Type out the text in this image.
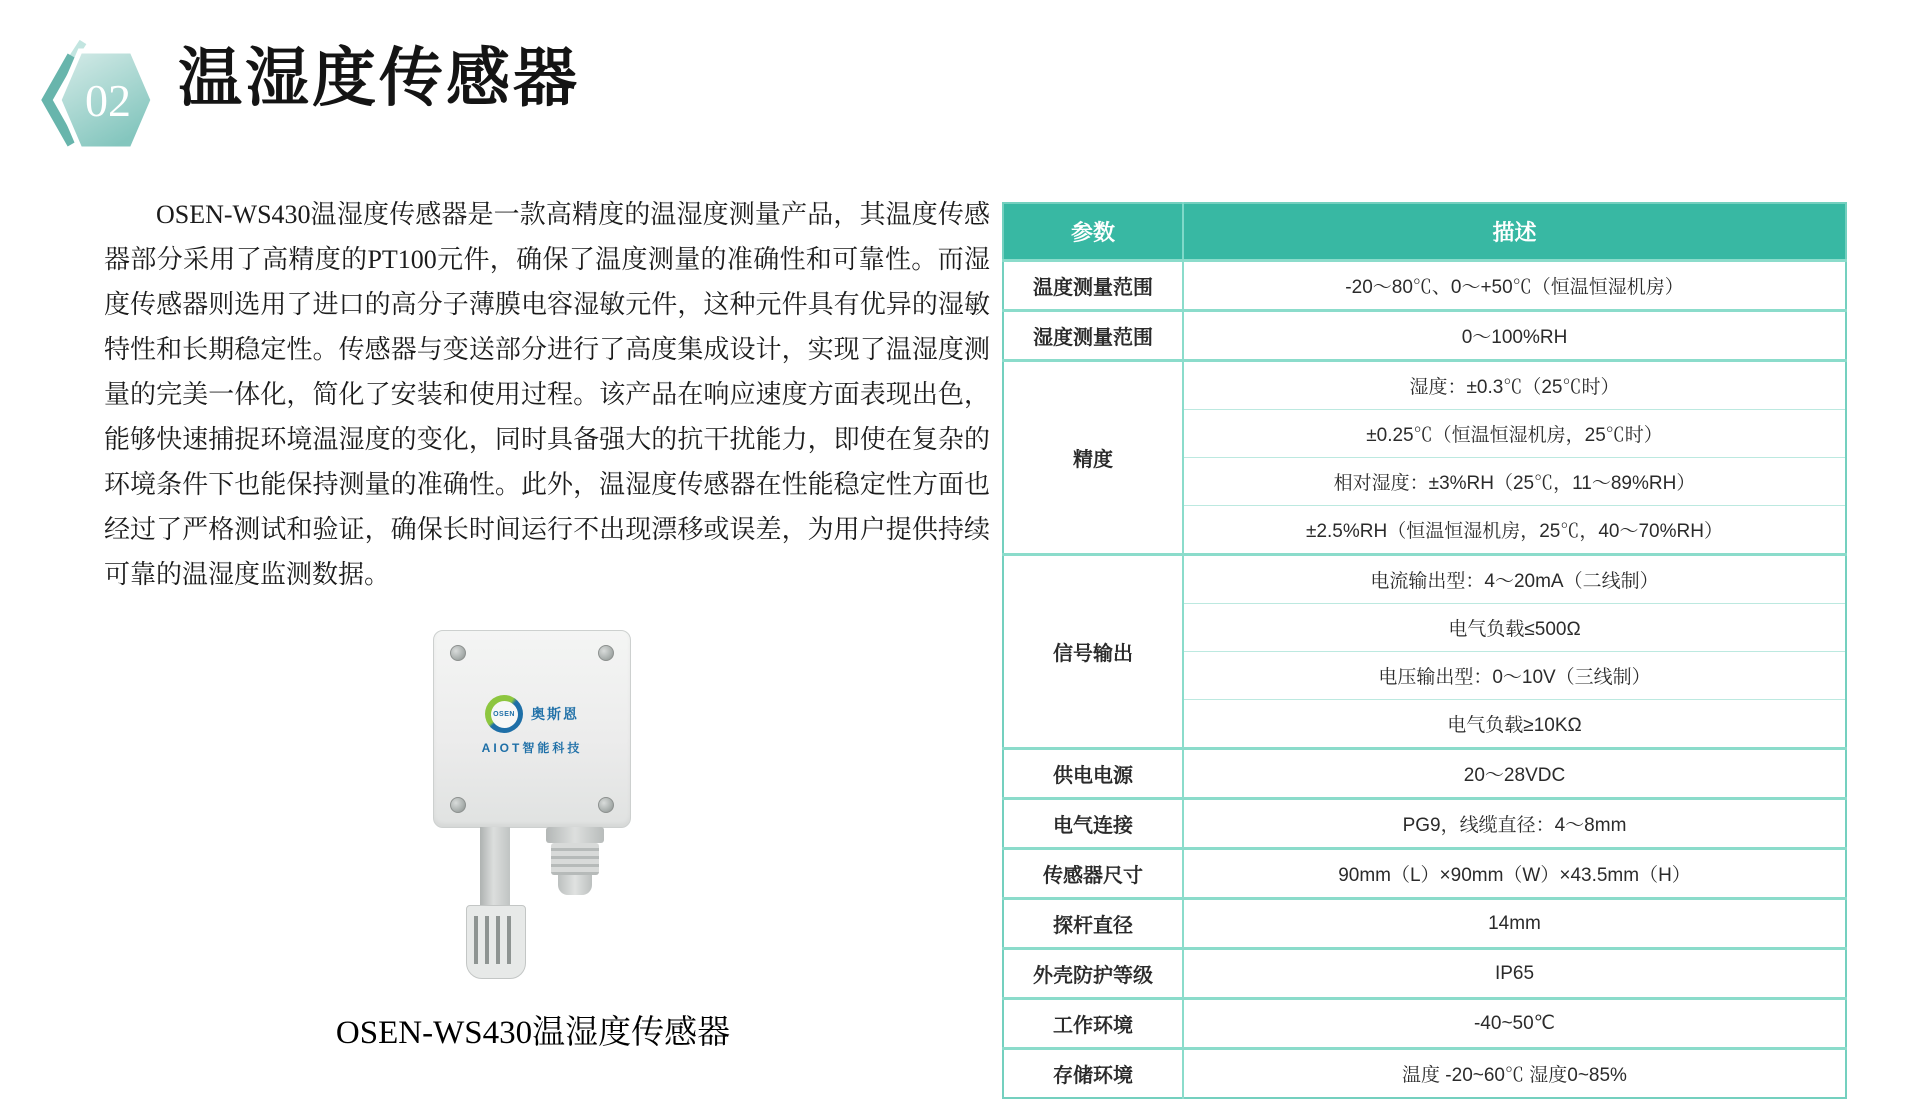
02 温湿度传感器
OSEN-WS430温湿度传感器是一款高精度的温湿度测量产品，其温度传感器部分采用了高精度的PT100元件，确保了温度测量的准确性和可靠性。而湿度传感器则选用了进口的高分子薄膜电容湿敏元件，这种元件具有优异的湿敏特性和长期稳定性。传感器与变送部分进行了高度集成设计，实现了温湿度测量的完美一体化，简化了安装和使用过程。该产品在响应速度方面表现出色，能够快速捕捉环境温湿度的变化，同时具备强大的抗干扰能力，即使在复杂的环境条件下也能保持测量的准确性。此外，温湿度传感器在性能稳定性方面也经过了严格测试和验证，确保长时间运行不出现漂移或误差，为用户提供持续可靠的温湿度监测数据。
OSEN 奥斯恩
AIOT智能科技
OSEN-WS430温湿度传感器
参数	描述
温度测量范围	-20～80℃、0～+50℃（恒温恒湿机房）
湿度测量范围	0～100%RH
精度	湿度：±0.3℃（25℃时）
	±0.25℃（恒温恒湿机房，25℃时）
	相对湿度：±3%RH（25℃，11～89%RH）
	±2.5%RH（恒温恒湿机房，25℃，40～70%RH）
信号输出	电流输出型：4～20mA（二线制）
	电气负载≤500Ω
	电压输出型：0～10V（三线制）
	电气负载≥10KΩ
供电电源	20～28VDC
电气连接	PG9，线缆直径：4～8mm
传感器尺寸	90mm（L）×90mm（W）×43.5mm（H）
探杆直径	14mm
外壳防护等级	IP65
工作环境	-40~50℃
存储环境	温度 -20~60℃ 湿度0~85%
